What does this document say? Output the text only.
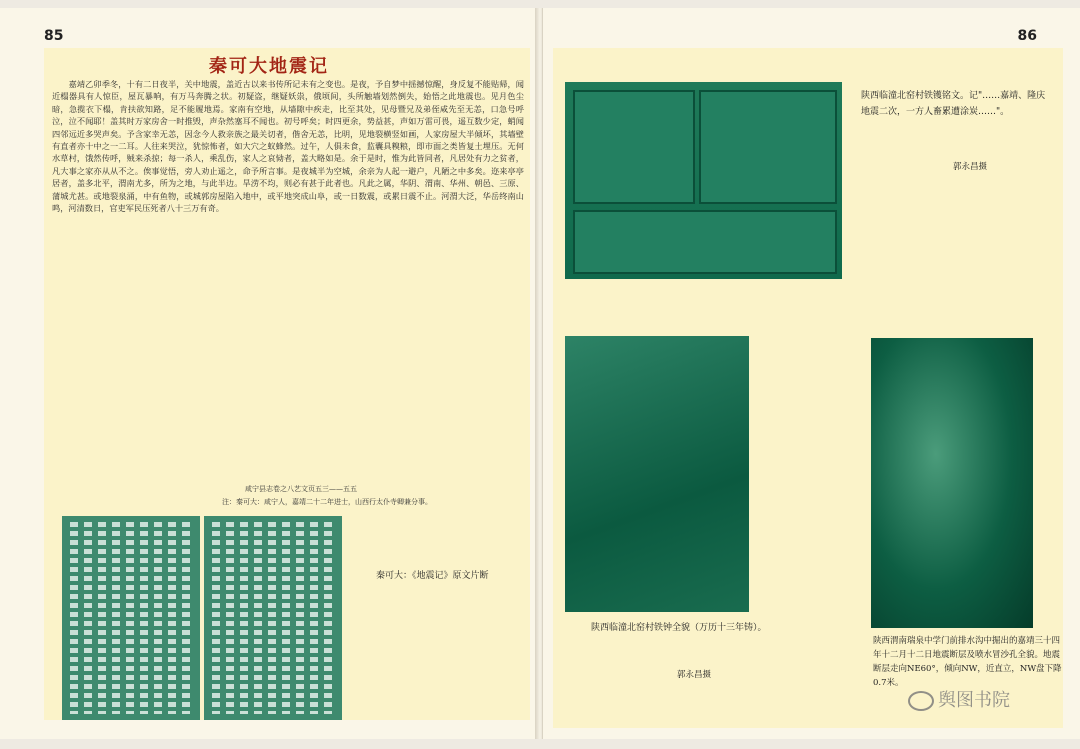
85
秦可大地震记
　　嘉靖乙卯季冬，十有二日夜半，关中地震，盖近古以来书传所记未有之变也。是夜，予自梦中揺撼惊醒，身反复不能贴帰，闻近榻器具有人惊臣，屋瓦暴响，有万马奔腾之状。初疑盗，继疑妖祟，俄顷间，头所触墙划然倒失，始悟之此地震也。见月色尘暗，急揽衣下榻，肯扶欲知路，足不能履地焉。家南有空地，从墙隙中疾走，比至其处，见母暨兄及弟侄咸先至无恙，口急号呼泣，泣不闻耶！盖其时万家房舍一时推毁，声杂然塞耳不闻也。初号呼矣；时四更余，势益甚，声如万雷可畏，遥互数少定，蛸闻四邻远近多哭声矣。予含家幸无恙，因念今人救亲族之最关切者，偕舍无恙，比明，见地裂横竖如画，人家房屋大半倾坏，其墙壁有直者亦十中之一二耳。人往来哭泣，犹惊怖者，如大穴之蚁蜂然。过午，人俱未食，监囊具糗粮，即市面之类皆复土埋压。无何水草村，饿然传呼，贼来杀掠；每一杀人，乘乱伤，家人之哀恸者，盖大略如是。余于是时，惟为此皆同者，凡居处有力之贫者，凡大事之家亦从从不之。俟事觉悟，旁人劝止遥之，命予所言事。是夜城半为空城，余亲为人起一避户，凡陋之中多矣。迩来亭亭居者，盖多北平，渭南尤多，所为之地，与此半边。旱涝不均，则必有甚于此者也。凡此之属，华阴、渭南、华州、朝邑、三原、蒲城尤甚。或地裂泉涌，中有鱼物，或城郭房屋陷入地中，或平地突成山阜，或一日数震，或累日震不止。河渭大泛，华岳终南山鸣，河清数日，官吏军民压死者八十三万有奇。
咸宁县志卷之八艺文页五三——五五
注：秦可大：咸宁人，嘉靖二十二年进士，山西行太仆寺卿兼分事。
秦可大：《地震记》原文片断
86
陕西临潼北窑村铁镬铭文。记"……嘉靖、隆庆地震二次，一方人畜累遭涂炭……"。
郭永昌摄
陕西临潼北窑村铁钟全貌（万历十三年铸）。
郭永昌摄
陕西渭南瑞泉中学门前排水沟中掘出的嘉靖三十四年十二月十二日地震断层及喷水冒沙孔全貌。地震断层走向NE60°，倾向NW，近直立，NW盘下降0.7米。
舆图书院
